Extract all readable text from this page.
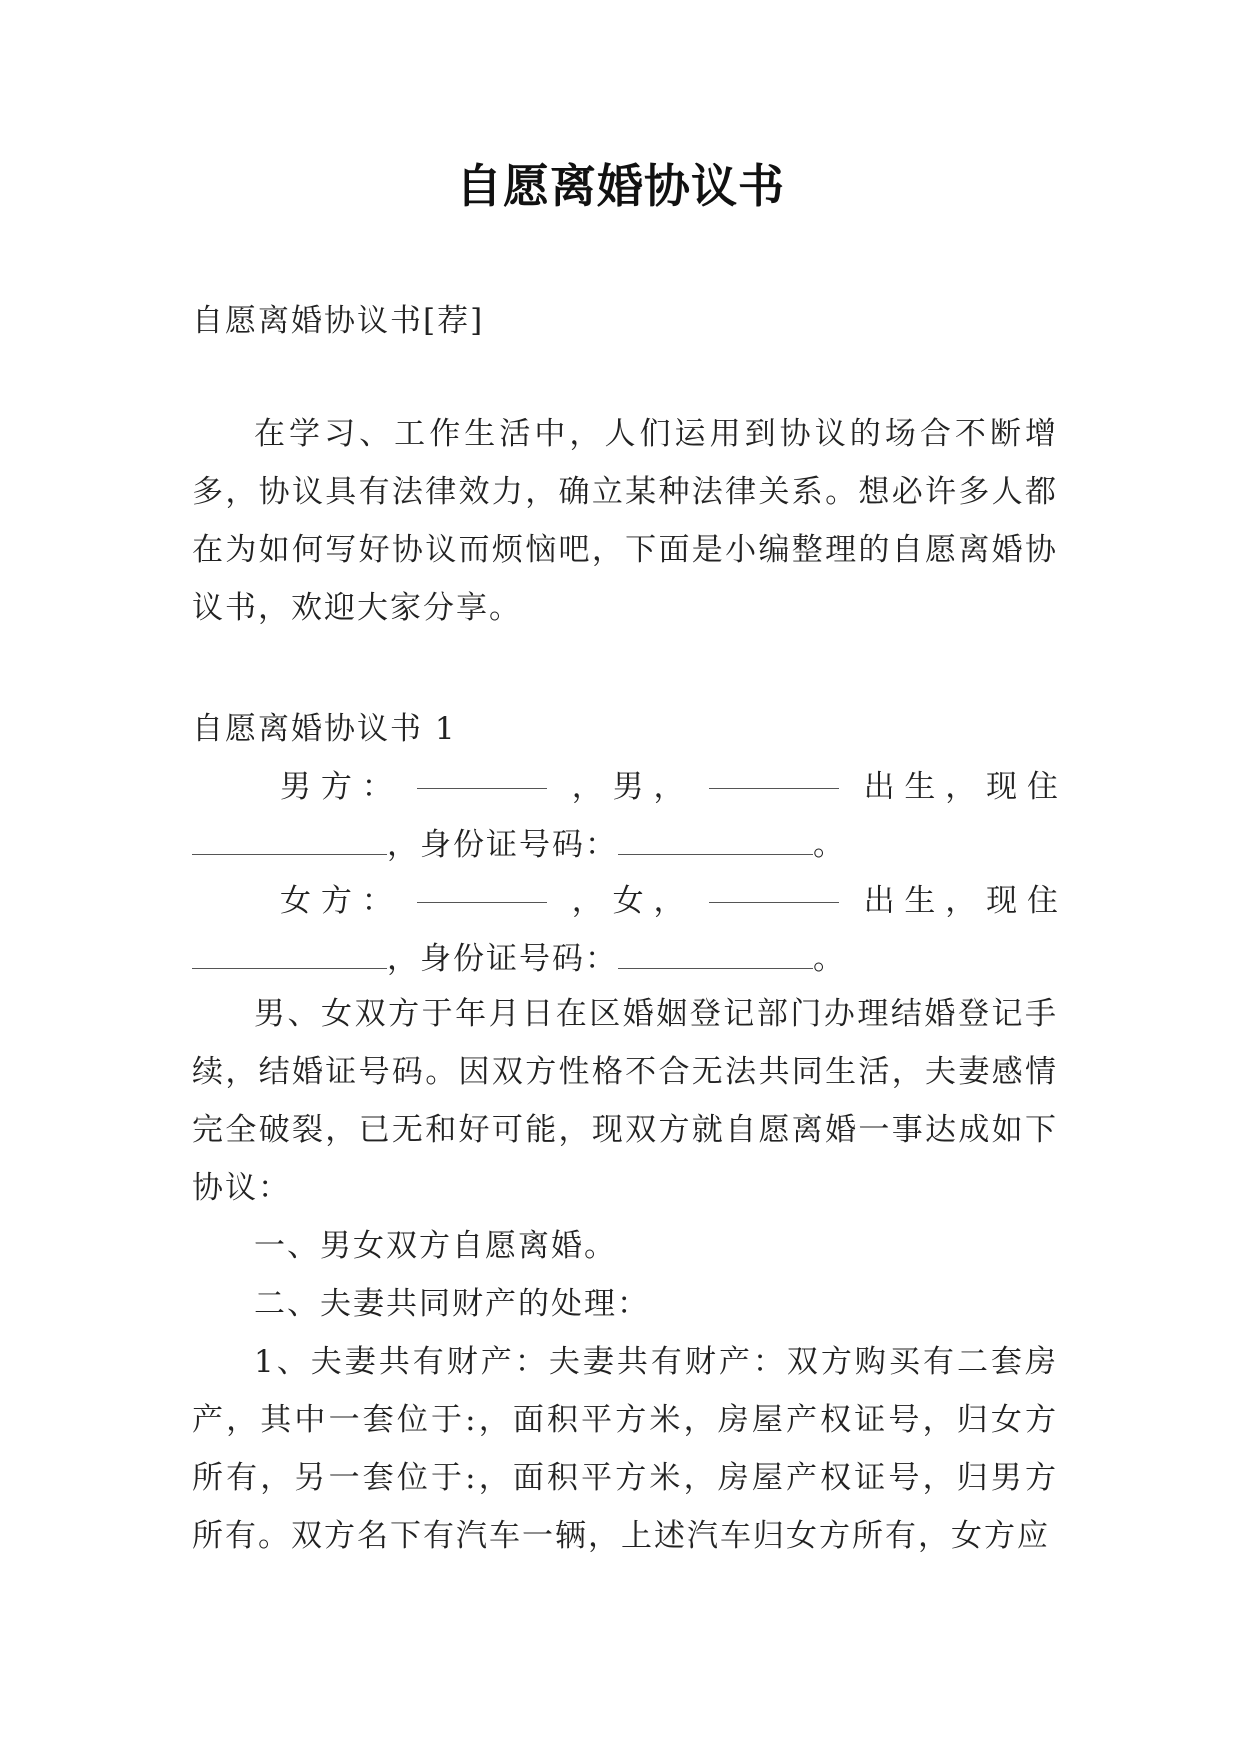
自愿离婚协议书
自愿离婚协议书[荐]

在学习、工作生活中，人们运用到协议的场合不断增多，协议具有法律效力，确立某种法律关系。想必许多人都在为如何写好协议而烦恼吧，下面是小编整理的自愿离婚协议书，欢迎大家分享。

自愿离婚协议书 1
男 方 ：	， 男 ，	出 生 ， 现 住
，身份证号码：	。
女 方 ：	， 女 ，	出 生 ， 现 住
，身份证号码：	。

男、女双方于年月日在区婚姻登记部门办理结婚登记手续，结婚证号码。因双方性格不合无法共同生活，夫妻感情完全破裂，已无和好可能，现双方就自愿离婚一事达成如下协议：

一、男女双方自愿离婚。

二、夫妻共同财产的处理：

1、夫妻共有财产：夫妻共有财产：双方购买有二套房产，其中一套位于:，面积平方米，房屋产权证号，归女方所有，另一套位于:，面积平方米，房屋产权证号，归男方所有。双方名下有汽车一辆，上述汽车归女方所有，女方应
